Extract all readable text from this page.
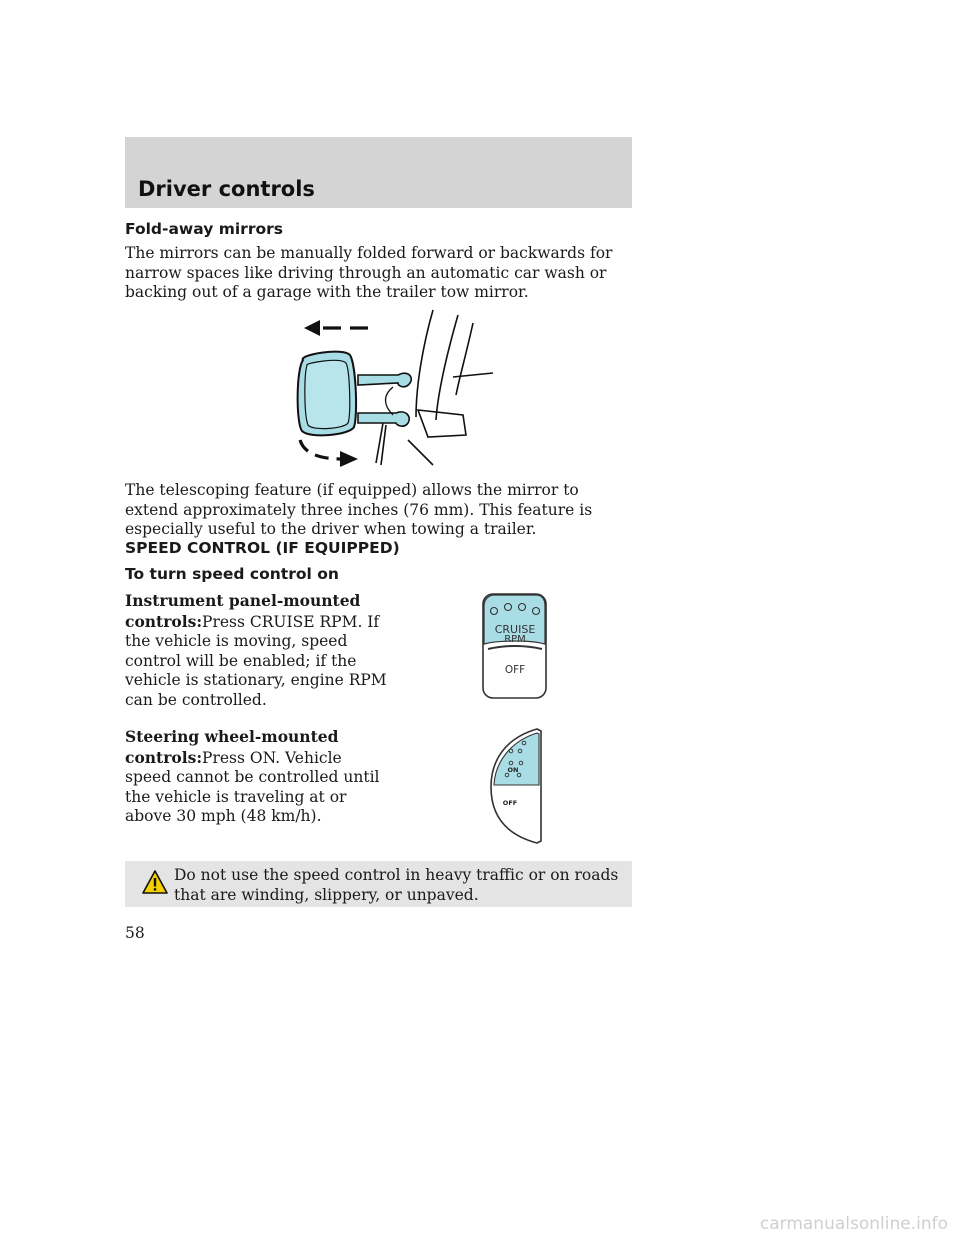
Driver controls
Fold-away mirrors

The mirrors can be manually folded forward or backwards for narrow spaces like driving through an automatic car wash or backing out of a garage with the trailer tow mirror.

The telescoping feature (if equipped) allows the mirror to extend approximately three inches (76 mm). This feature is especially useful to the driver when towing a trailer.

SPEED CONTROL (IF EQUIPPED)
To turn speed control on

Instrument panel-mounted controls:Press CRUISE RPM. If the vehicle is moving, speed control will be enabled; if the vehicle is stationary, engine RPM can be controlled.

CRUISE
RPM
OFF

Steering wheel-mounted controls:Press ON. Vehicle speed cannot be controlled until the vehicle is traveling at or above 30 mph (48 km/h).

ON
OFF

Do not use the speed control in heavy traffic or on roads that are winding, slippery, or unpaved.

58
carmanualsonline.info
